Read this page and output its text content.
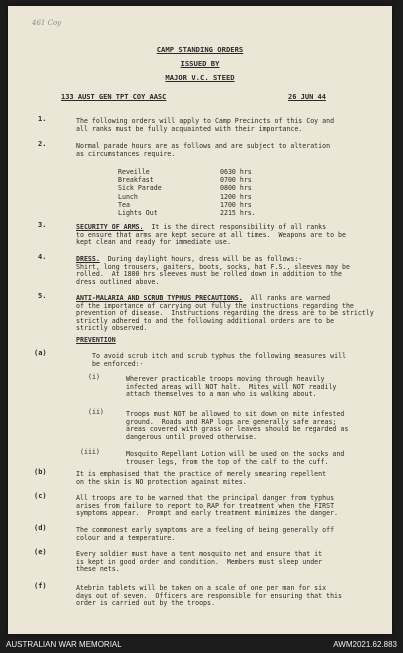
461 Coy
CAMP STANDING ORDERS
ISSUED BY
MAJOR V.C. STEED
133 AUST GEN TPT COY AASC	26 JUN 44
1.	The following orders will apply to Camp Precincts of this Coy and
all ranks must be fully acquainted with their importance.
2.	Normal parade hours are as follows and are subject to alteration
as circumstances require.
Reveille	0630 hrs
Breakfast	0700 hrs
Sick Parade	0800 hrs
Lunch	1200 hrs
Tea	1700 hrs
Lights Out	2215 hrs.
3.	SECURITY OF ARMS. It is the direct responsibility of all ranks
to ensure that arms are kept secure at all times.  Weapons are to be
kept clean and ready for immediate use.
4.	DRESS. During daylight hours, dress will be as follows:-
Shirt, long trousers, gaiters, boots, socks, hat F.S., sleeves may be
rolled.  At 1800 hrs sleeves must be rolled down in addition to the
dress outlined above.
5.	ANTI-MALARIA AND SCRUB TYPHUS PRECAUTIONS. All ranks are warned
of the importance of carrying out fully the instructions regarding the
prevention of disease.  Instructions regarding the dress are to be strictly
strictly adhered to and the following additional orders are to be
strictly observed.
(a)
PREVENTION
To avoid scrub itch and scrub typhus the following measures will
be enforced:-
(i)	Wherever practicable troops moving through heavily
infected areas will NOT halt.  Mites will NOT readily
attach themselves to a man who is walking about.
(ii)	Troops must NOT be allowed to sit down on mite infested
ground.  Roads and RAP logs are generally safe areas;
areas covered with grass or leaves should be regarded as
dangerous until proved otherwise.
(iii)	Mosquito Repellant Lotion will be used on the socks and
trouser legs, from the top of the calf to the cuff.
(b)	It is emphasised that the practice of merely smearing repellent
on the skin is NO protection against mites.
(c)	All troops are to be warned that the principal danger from typhus
arises from failure to report to RAP for treatment when the FIRST
symptoms appear.  Prompt and early treatment minimizes the danger.
(d)	The commonest early symptoms are a feeling of being generally off
colour and a temperature.
(e)	Every soldier must have a tent mosquito net and ensure that it
is kept in good order and condition.  Members must sleep under
these nets.
(f)	Atebrin tablets will be taken on a scale of one per man for six
days out of seven.  Officers are responsible for ensuring that this
order is carried out by the troops.
AUSTRALIAN WAR MEMORIAL	AWM2021.62.883
